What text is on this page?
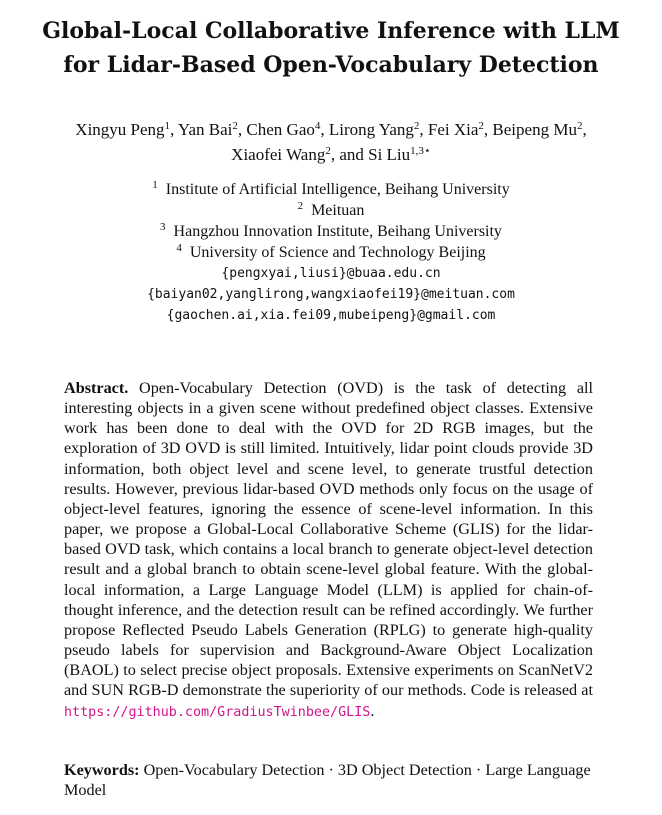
Global-Local Collaborative Inference with LLM
for Lidar-Based Open-Vocabulary Detection
Xingyu Peng$^1$, Yan Bai$^2$, Chen Gao$^4$, Lirong Yang$^2$, Fei Xia$^2$, Beipeng Mu$^2$,
Xiaofei Wang$^2$, and Si Liu$^{1,3⋆}$
$^1$ Institute of Artificial Intelligence, Beihang University
$^2$ Meituan
$^3$ Hangzhou Innovation Institute, Beihang University
$^4$ University of Science and Technology Beijing
{pengxyai,liusi}@buaa.edu.cn
{baiyan02,yanglirong,wangxiaofei19}@meituan.com
{gaochen.ai,xia.fei09,mubeipeng}@gmail.com
Abstract. Open-Vocabulary Detection (OVD) is the task of detecting all interesting objects in a given scene without predefined object classes. Extensive work has been done to deal with the OVD for 2D RGB images, but the exploration of 3D OVD is still limited. Intuitively, lidar point clouds provide 3D information, both object level and scene level, to generate trustful detection results. However, previous lidar-based OVD methods only focus on the usage of object-level features, ignoring the essence of scene-level information. In this paper, we propose a Global-Local Collaborative Scheme (GLIS) for the lidar-based OVD task, which contains a local branch to generate object-level detection result and a global branch to obtain scene-level global feature. With the global-local information, a Large Language Model (LLM) is applied for chain-of-thought inference, and the detection result can be refined accordingly. We further propose Reflected Pseudo Labels Generation (RPLG) to generate high-quality pseudo labels for supervision and Background-Aware Object Localization (BAOL) to select precise object proposals. Extensive experiments on ScanNetV2 and SUN RGB-D demonstrate the superiority of our methods. Code is released at https://github.com/GradiusTwinbee/GLIS.
Keywords: Open-Vocabulary Detection · 3D Object Detection · Large Language Model
